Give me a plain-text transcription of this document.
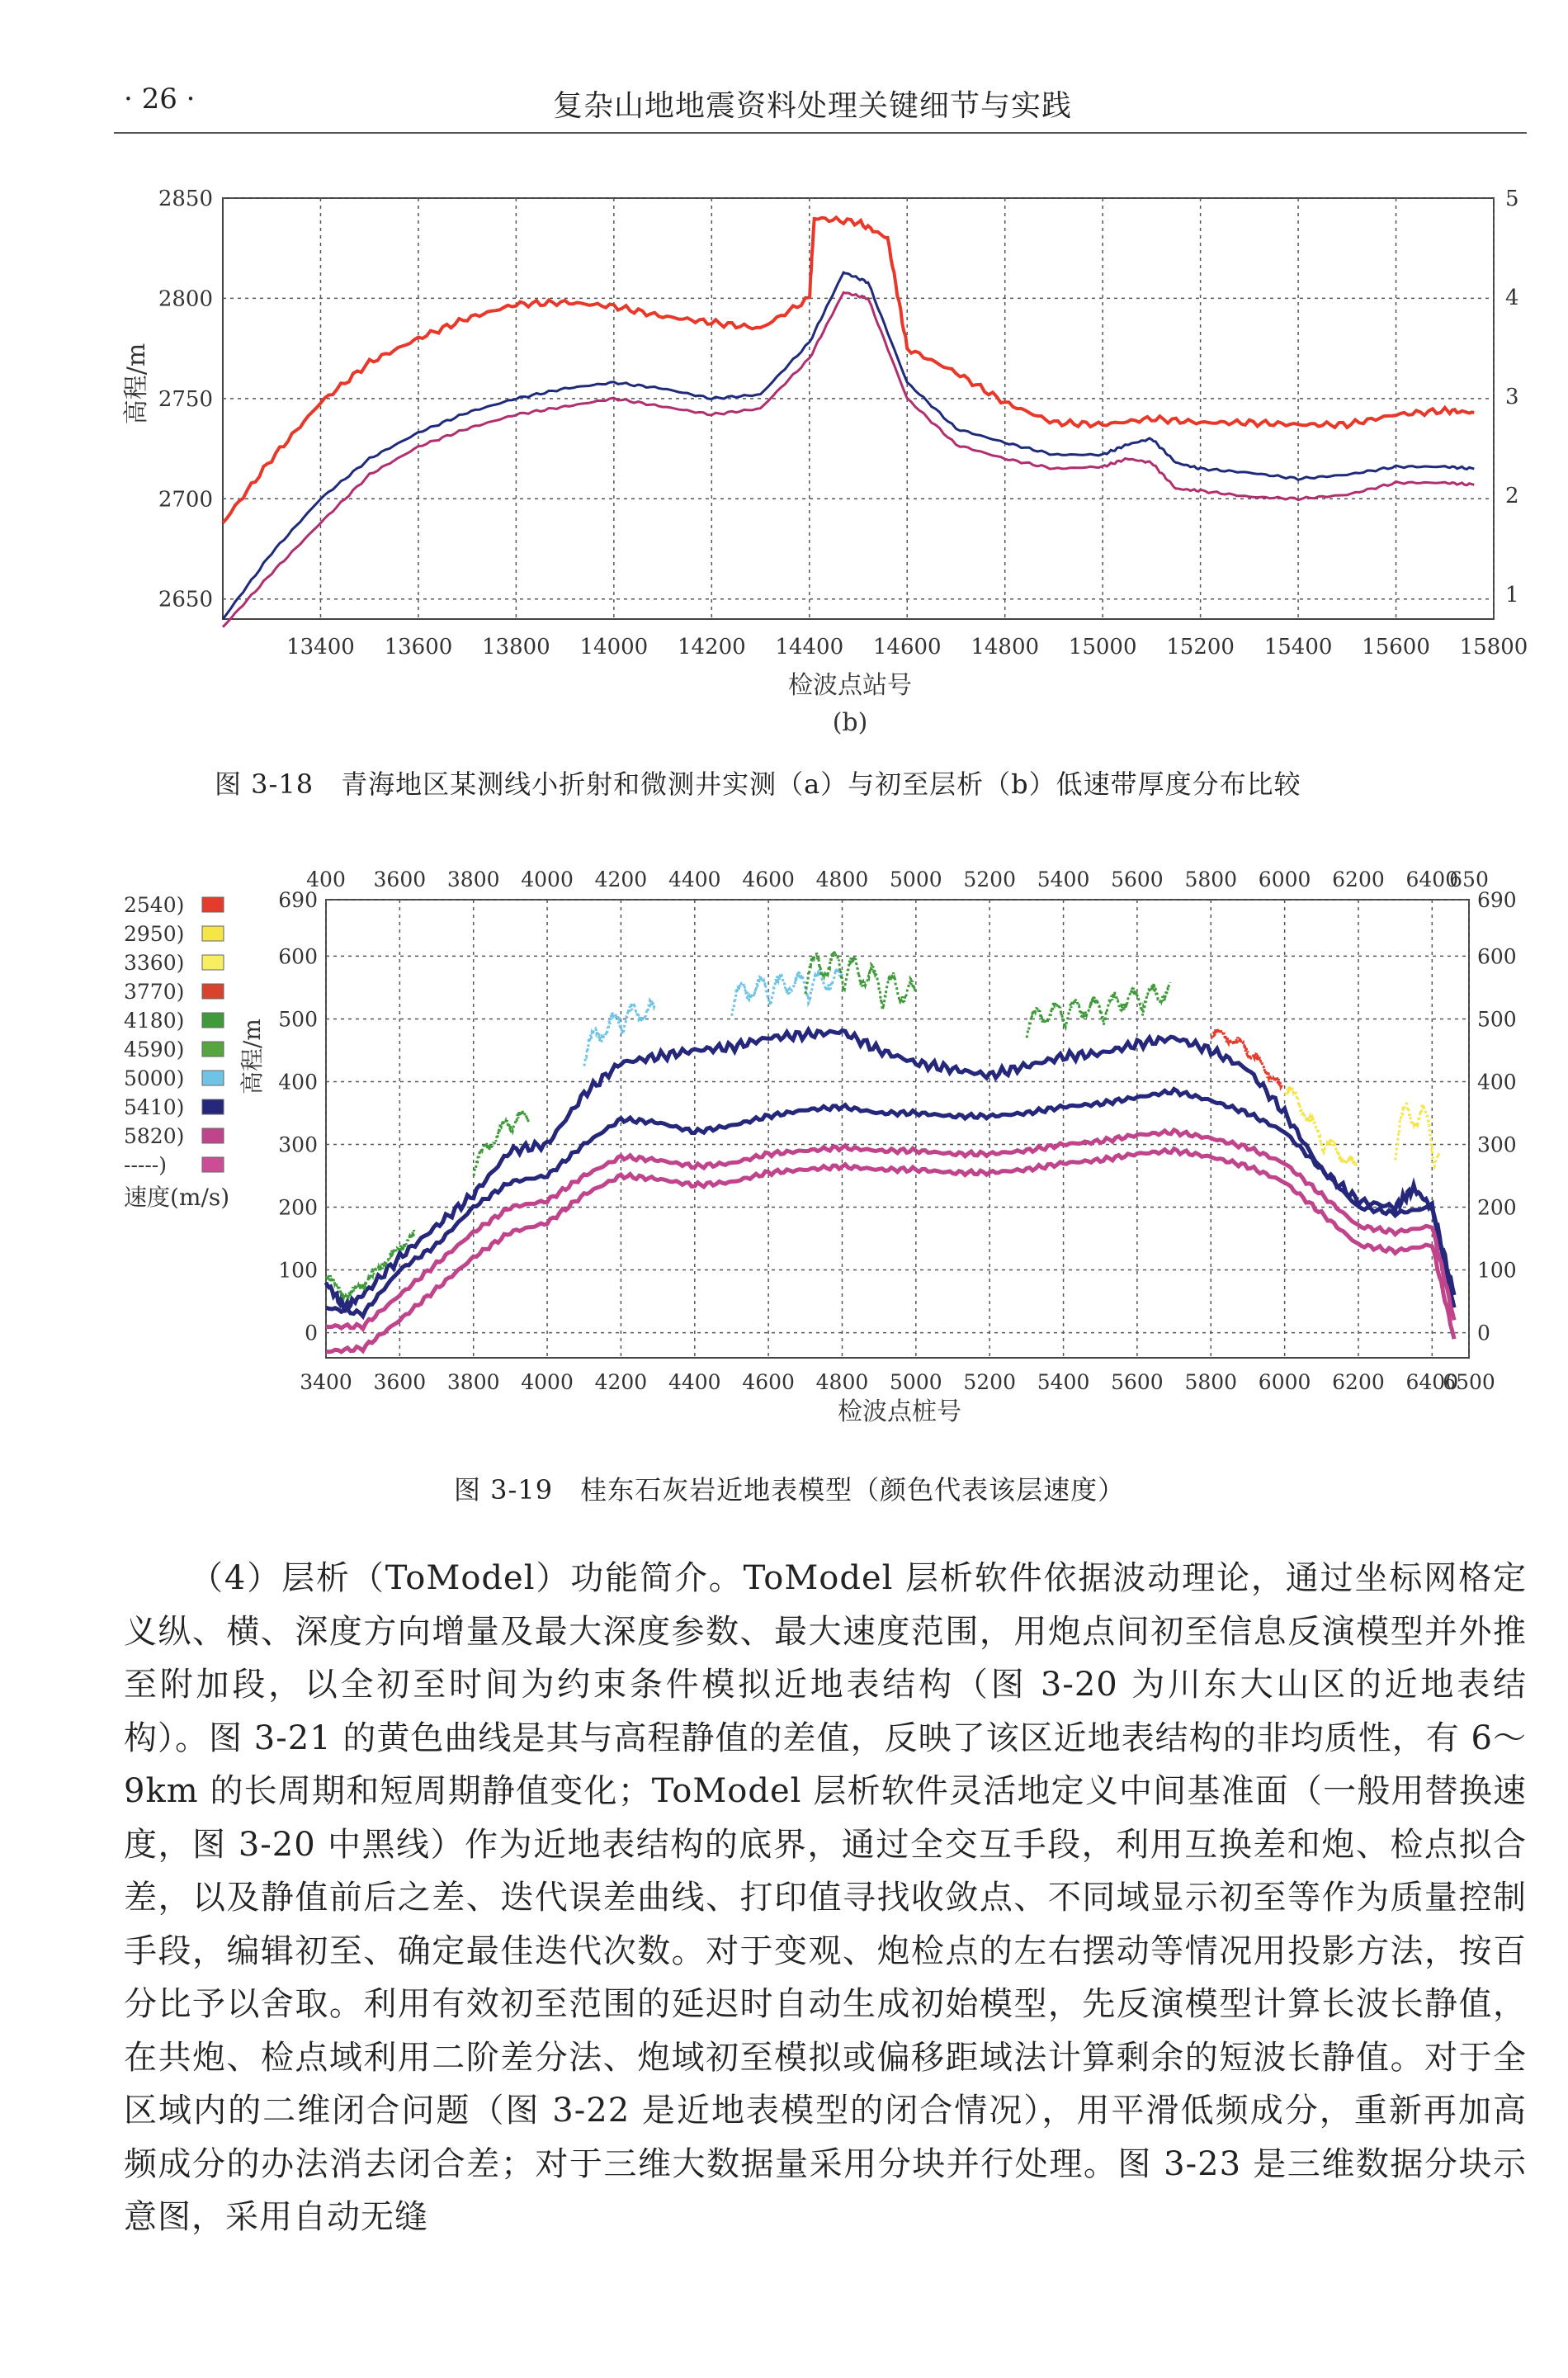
· 26 ·	复杂山地地震资料处理关键细节与实践
13400 13600 13800 14000 14200 14400 14600 14800 15000 15200 15400 15600 15800
2650
2700
2750
2800
2850
1
2
3
4
5
高程/m
检波点站号
(b)
图 3-18　青海地区某测线小折射和微测井实测（a）与初至层析（b）低速带厚度分布比较
2540)
2950)
3360)
3770)
4180)
4590)
5000)
5410)
5820)
-----)
速度(m/s)
3400 3600 3800 4000 4200 4400 4600 4800 5000 5200 5400 5600 5800 6000 6200 6400
6500
400 3600 3800 4000 4200 4400 4600 4800 5000 5200 5400 5600 5800 6000 6200 6400
650
0	0
100	100
200	200
300	300
400	400
500	500
600	600
690	690
高程/m
检波点桩号
图 3-19　桂东石灰岩近地表模型（颜色代表该层速度）
（4）层析（ToModel）功能简介。ToModel 层析软件依据波动理论，通过坐标网格定义纵、横、深度方向增量及最大深度参数、最大速度范围，用炮点间初至信息反演模型并外推至附加段，以全初至时间为约束条件模拟近地表结构（图 3-20 为川东大山区的近地表结构）。图 3-21 的黄色曲线是其与高程静值的差值，反映了该区近地表结构的非均质性，有 6～9km 的长周期和短周期静值变化；ToModel 层析软件灵活地定义中间基准面（一般用替换速度，图 3-20 中黑线）作为近地表结构的底界，通过全交互手段，利用互换差和炮、检点拟合差，以及静值前后之差、迭代误差曲线、打印值寻找收敛点、不同域显示初至等作为质量控制手段，编辑初至、确定最佳迭代次数。对于变观、炮检点的左右摆动等情况用投影方法，按百分比予以舍取。利用有效初至范围的延迟时自动生成初始模型，先反演模型计算长波长静值，在共炮、检点域利用二阶差分法、炮域初至模拟或偏移距域法计算剩余的短波长静值。对于全区域内的二维闭合问题（图 3-22 是近地表模型的闭合情况），用平滑低频成分，重新再加高频成分的办法消去闭合差；对于三维大数据量采用分块并行处理。图 3-23 是三维数据分块示意图，采用自动无缝
